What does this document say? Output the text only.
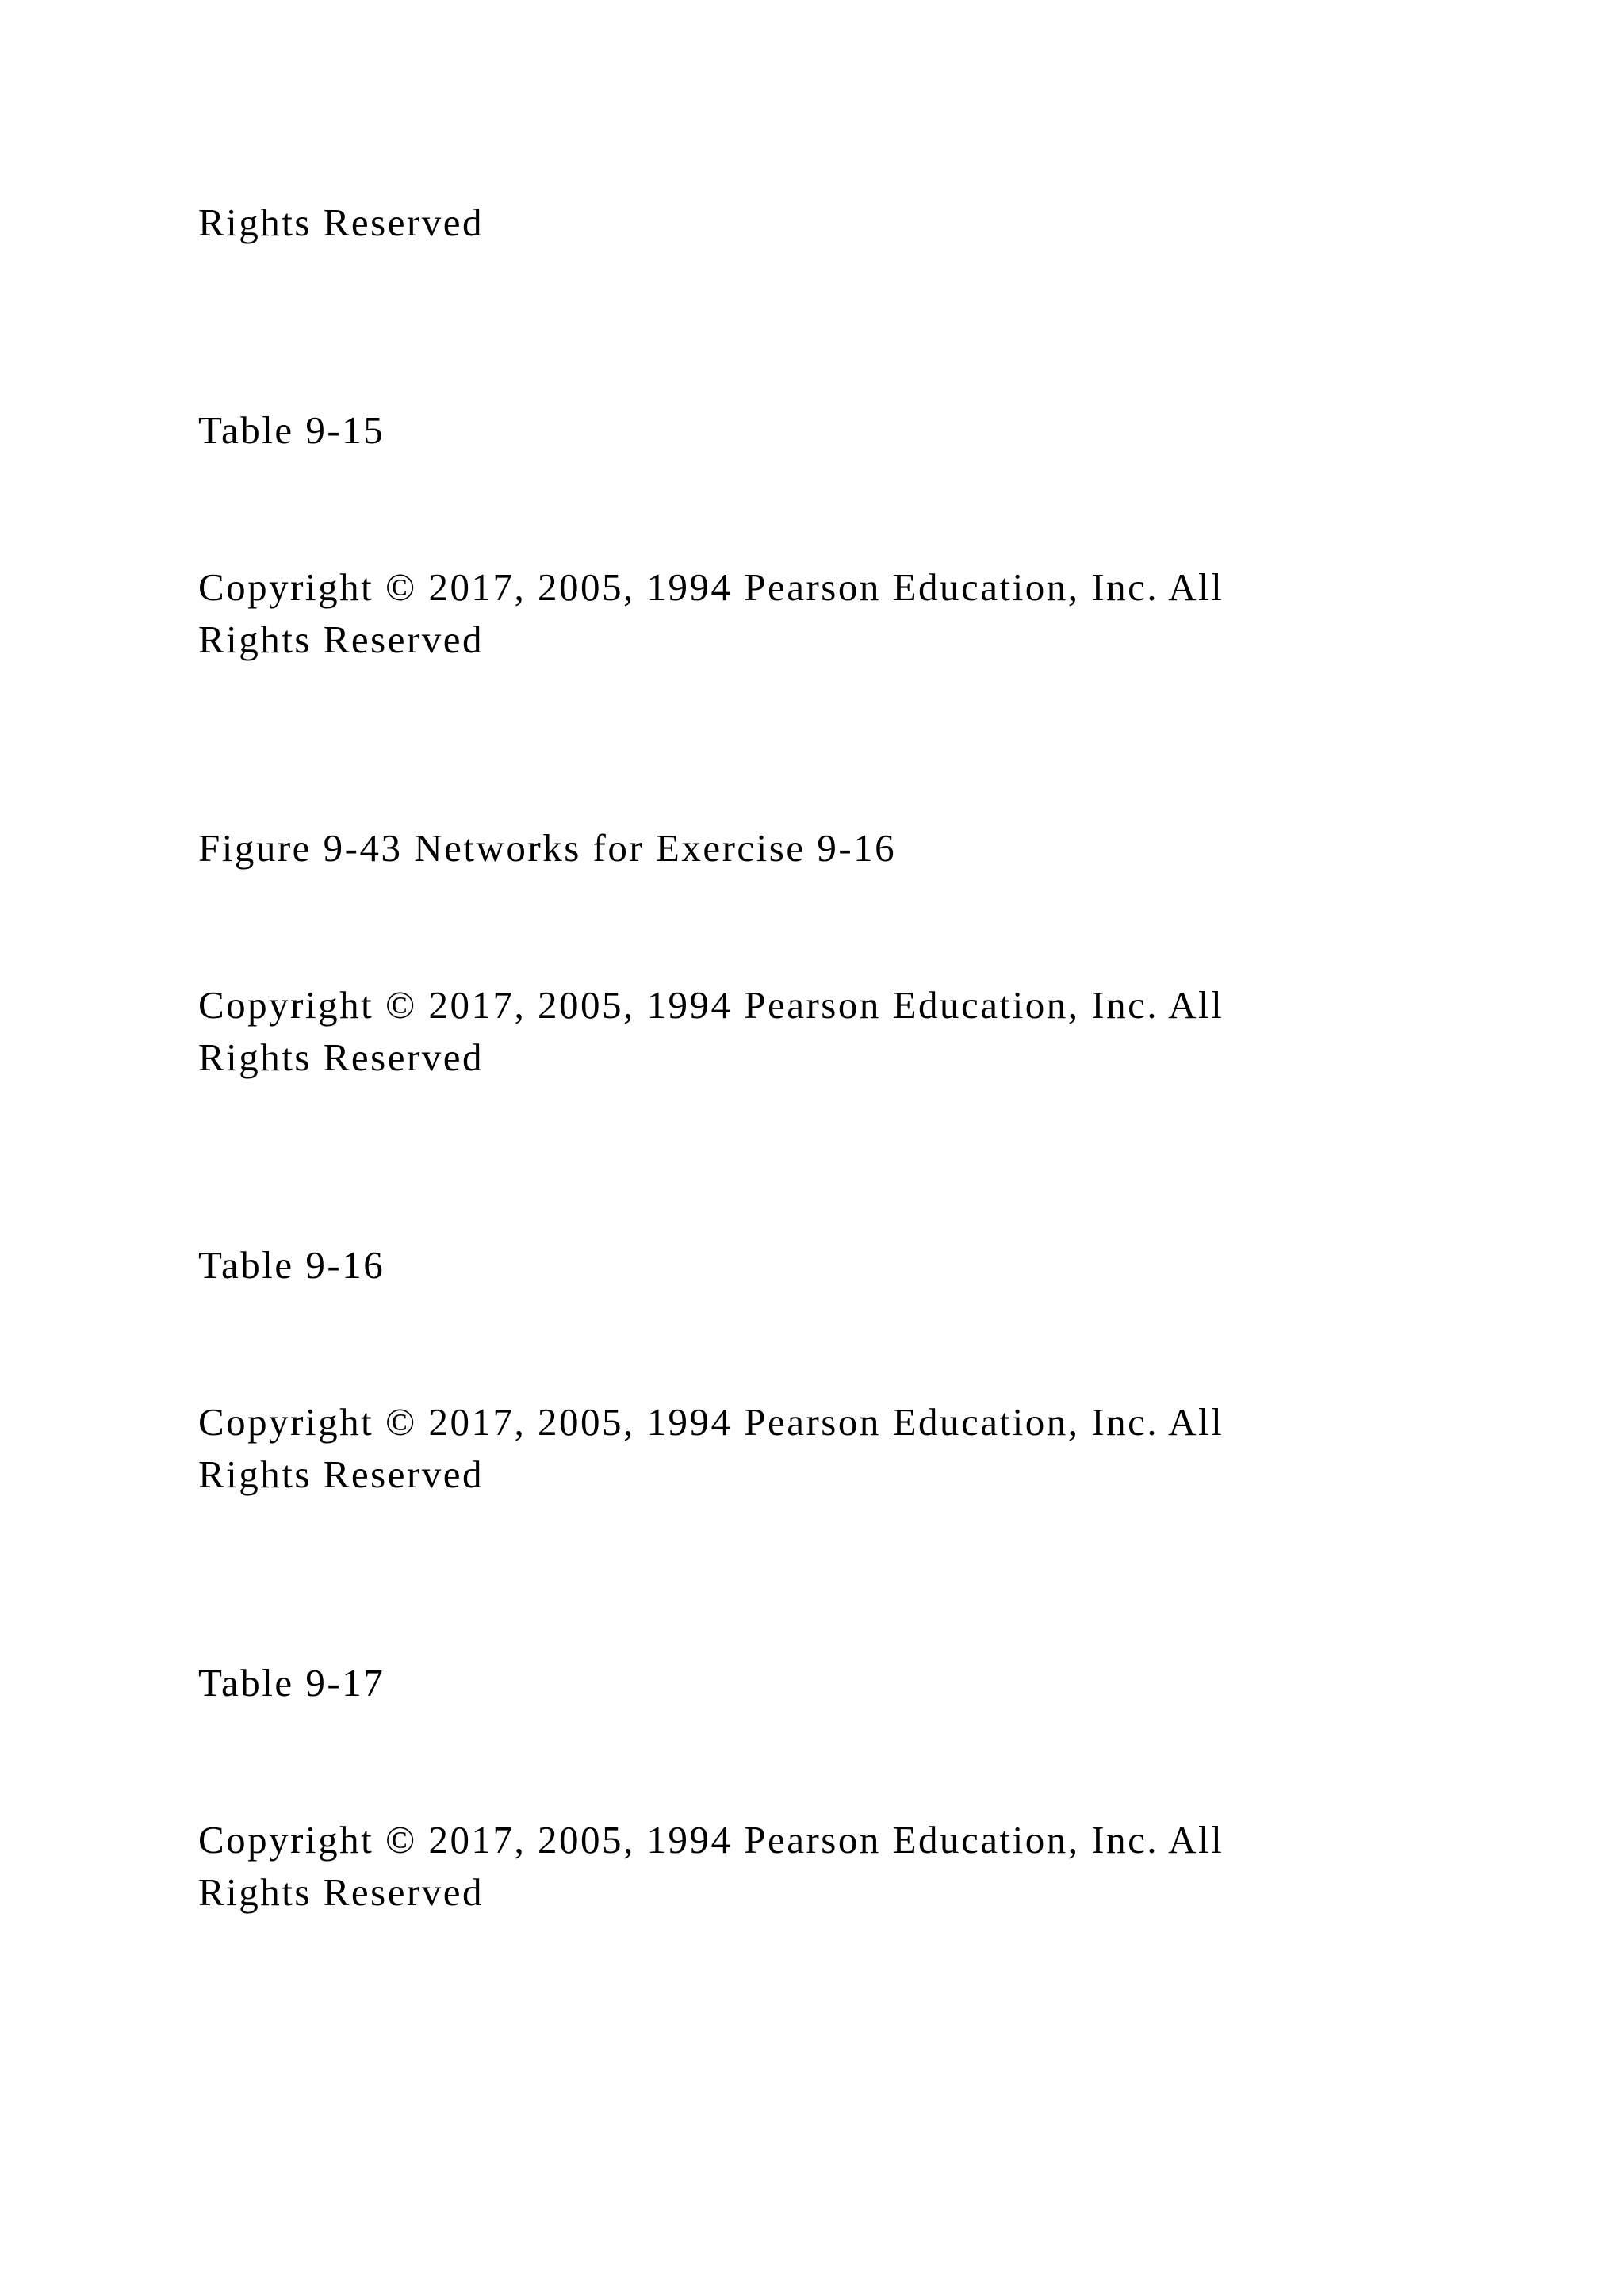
Rights Reserved

Table 9-15

Copyright © 2017, 2005, 1994 Pearson Education, Inc. All

Rights Reserved

Figure 9-43 Networks for Exercise 9-16

Copyright © 2017, 2005, 1994 Pearson Education, Inc. All

Rights Reserved

Table 9-16

Copyright © 2017, 2005, 1994 Pearson Education, Inc. All

Rights Reserved

Table 9-17

Copyright © 2017, 2005, 1994 Pearson Education, Inc. All

Rights Reserved
